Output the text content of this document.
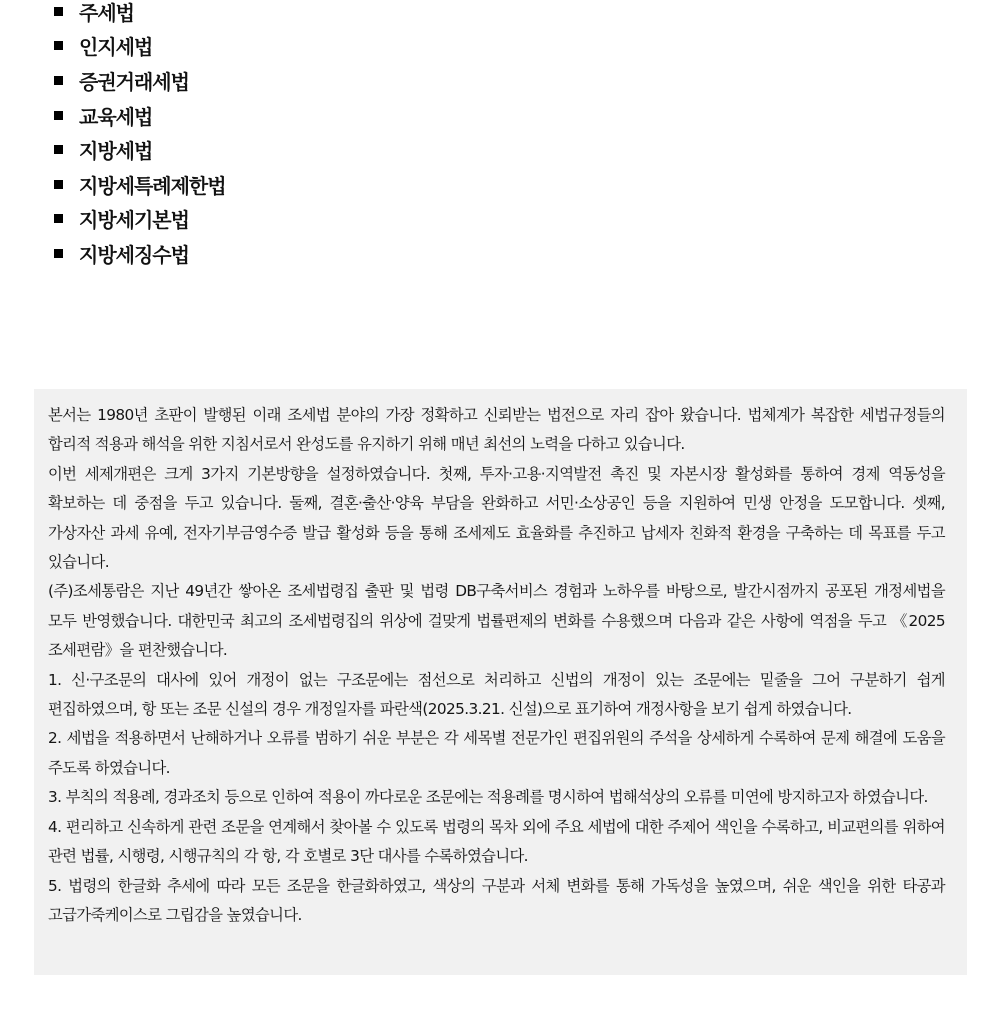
주세법
인지세법
증권거래세법
교육세법
지방세법
지방세특례제한법
지방세기본법
지방세징수법

본서는 1980년 초판이 발행된 이래 조세법 분야의 가장 정확하고 신뢰받는 법전으로 자리 잡아 왔습니다. 법체계가 복잡한 세법규정들의 합리적 적용과 해석을 위한 지침서로서 완성도를 유지하기 위해 매년 최선의 노력을 다하고 있습니다.

이번 세제개편은 크게 3가지 기본방향을 설정하였습니다. 첫째, 투자·고용·지역발전 촉진 및 자본시장 활성화를 통하여 경제 역동성을 확보하는 데 중점을 두고 있습니다. 둘째, 결혼·출산·양육 부담을 완화하고 서민·소상공인 등을 지원하여 민생 안정을 도모합니다. 셋째, 가상자산 과세 유예, 전자기부금영수증 발급 활성화 등을 통해 조세제도 효율화를 추진하고 납세자 친화적 환경을 구축하는 데 목표를 두고 있습니다.

(주)조세통람은 지난 49년간 쌓아온 조세법령집 출판 및 법령 DB구축서비스 경험과 노하우를 바탕으로, 발간시점까지 공포된 개정세법을 모두 반영했습니다. 대한민국 최고의 조세법령집의 위상에 걸맞게 법률편제의 변화를 수용했으며 다음과 같은 사항에 역점을 두고 《2025 조세편람》을 편찬했습니다.

1. 신·구조문의 대사에 있어 개정이 없는 구조문에는 점선으로 처리하고 신법의 개정이 있는 조문에는 밑줄을 그어 구분하기 쉽게 편집하였으며, 항 또는 조문 신설의 경우 개정일자를 파란색(2025.3.21. 신설)으로 표기하여 개정사항을 보기 쉽게 하였습니다.

2. 세법을 적용하면서 난해하거나 오류를 범하기 쉬운 부분은 각 세목별 전문가인 편집위원의 주석을 상세하게 수록하여 문제 해결에 도움을 주도록 하였습니다.

3. 부칙의 적용례, 경과조치 등으로 인하여 적용이 까다로운 조문에는 적용례를 명시하여 법해석상의 오류를 미연에 방지하고자 하였습니다.

4. 편리하고 신속하게 관련 조문을 연계해서 찾아볼 수 있도록 법령의 목차 외에 주요 세법에 대한 주제어 색인을 수록하고, 비교편의를 위하여 관련 법률, 시행령, 시행규칙의 각 항, 각 호별로 3단 대사를 수록하였습니다.

5. 법령의 한글화 추세에 따라 모든 조문을 한글화하였고, 색상의 구분과 서체 변화를 통해 가독성을 높였으며, 쉬운 색인을 위한 타공과 고급가죽케이스로 그립감을 높였습니다.
